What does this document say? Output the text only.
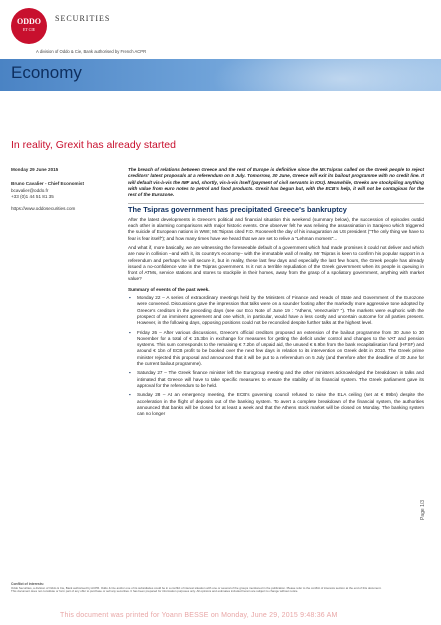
ODDO
ET CIE
SECURITIES
A division of Oddo & Cie, Bank authorised by French ACPR
Economy
In reality, Grexit has already started
Monday 29 June 2015
Bruno Cavalier - Chief Economist
bcavalier@oddo.fr
+33 (0)1 44 51 81 35
https://www.oddosecurities.com
The breach of relations between Greece and the rest of Europe is definitive since the Mr.Tsipras called on the Greek people to reject creditors' latest proposals at a referendum on 5 July. Tomorrow, 30 June, Greece will exit its bailout programme with no credit line. It will default vis-à-vis the IMF and, shortly, vis-à-vis itself (payment of civil servants in IOU). Meanwhile, Greeks are stockpiling anything with value from euro notes to petrol and food products. Grexit has begun but, with the ECB's help, it will not be contagious for the rest of the Eurozone.
The Tsipras government has precipitated Greece's bankruptcy
After the latest developments in Greece's political and financial situation this weekend (summary below), the succession of episodes outdid each other in alarming comparisons with major historic events. One observer felt he was reliving the assassination in Sarajevo which triggered the suicide of European nations in WWI; Mr.Tsipras cited F.D. Roosevelt the day of his inauguration as US president ("The only thing we have to fear is fear itself"); and how many times have we heard that we are set to relive a "Lehman moment"...
And what if, more basically, we are witnessing the foreseeable default of a government which had made promises it could not deliver and which are now in collision –and with it, its country's economy– with the immutable wall of reality. Mr Tsipras is keen to confirm his popular support in a referendum and perhaps he will secure it, but in reality, these last few days and especially the last few hours, the Greek people has already issued a no-confidence vote in the Tsipras government. Is it not a terrible repudiation of the Greek government when its people is queuing in front of ATMs, service stations and stores to stockpile in their homes, away from the grasp of a spoliatory government, anything with market value?
Summary of events of the past week.
▪ Monday 22 – A series of extraordinary meetings held by the Ministers of Finance and Heads of State and Government of the Eurozone were convened. Discussions gave the impression that talks were on a sounder footing after the markedly more aggressive tone adopted by Greece's creditors in the preceding days (see our Eco Note of June 19 : "Athens, Venezuela? "). The markets were euphoric with the prospect of an imminent agreement and one which, in particular, would have a less costly and uncertain outcome for all parties present. However, in the following days, opposing positions could not be reconciled despite further talks at the highest level.
▪ Friday 26 – After various discussions, Greece's official creditors proposed an extension of the bailout programme from 30 June to 30 November for a total of € 15.3bn in exchange for measures for getting the deficit under control and changes to the VAT and pension systems. This sum corresponds to the remaining € 7.2bn of unpaid aid, the unused € 6.9bn from the bank recapitalisation fund (HFSF) and around € 1bn of ECB profit to be booked over the next few days in relation to its intervention on Greek debt in 2010. The Greek prime minister rejected this proposal and announced that it will be put to a referendum on 5 July (and therefore after the deadline of 30 June for the current bailout programme).
▪ Saturday 27 – The Greek finance minister left the Eurogroup meeting and the other ministers acknowledged the breakdown in talks and intimated that Greece will have to take specific measures to ensure the stability of its financial system. The Greek parliament gave its approval for the referendum to be held.
▪ Sunday 28 – At an emergency meeting, the ECB's governing council refused to raise the ELA ceiling (set at € 89bn) despite the acceleration in the flight of deposits out of the banking system. To avert a complete breakdown of the financial system, the authorities announced that banks will be closed for at least a week and that the Athens stock market will be closed on Monday. The banking system can no longer
Page 1/3
Conflict of interests:
Oddo Securities, a division of Oddo & Cie, Bank authorised by ACPR. Oddo & Cie and/or one of its subsidiaries could be in a conflict of interest situation with one or several of the groups mentioned in the publication. Please refer to the conflict of interests section at the end of this document.
This document does not constitute or form part of any offer to purchase or sell any securities. It has been prepared for information purposes only. All opinions and estimates included herein are subject to change without notice.
This document was printed for Yoann BESSE on Monday, June 29, 2015 9:48:36 AM
